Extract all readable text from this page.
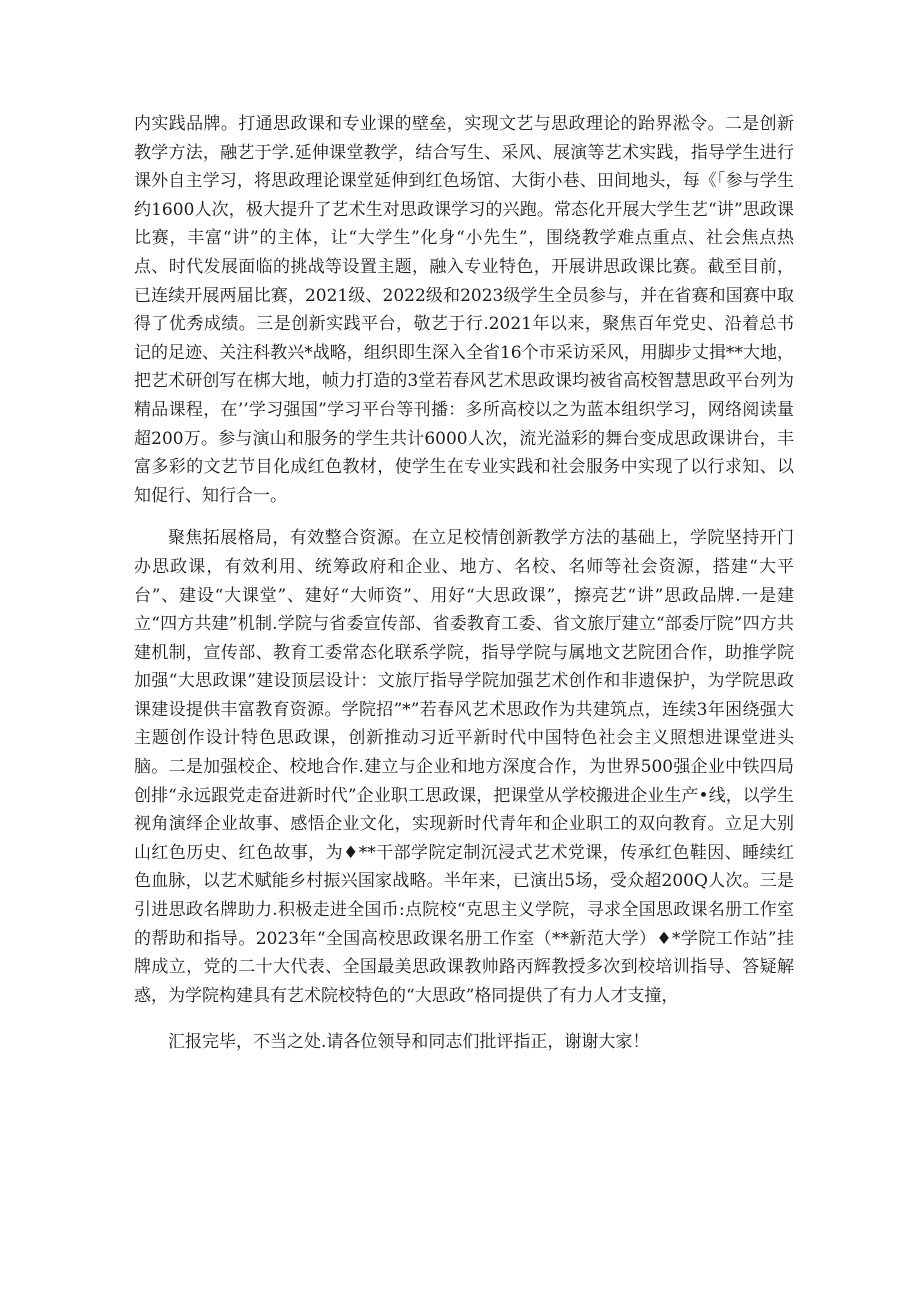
内实践品牌。打通思政课和专业课的壁垒，实现文艺与思政理论的跆界淞令。二是创新教学方法，融艺于学.延伸课堂教学，结合写生、采风、展演等艺术实践，指导学生进行课外自主学习，将思政理论课堂延伸到红色场馆、大街小巷、田间地头，每《「参与学生约1600人次，极大提升了艺术生对思政课学习的兴跑。常态化开展大学生艺“讲”思政课比赛，丰富“讲”的主体，让“大学生”化身“小先生”，围绕教学难点重点、社会焦点热点、时代发展面临的挑战等设置主题，融入专业特色，开展讲思政课比赛。截至目前，已连续开展两届比赛，2021级、2022级和2023级学生全员参与，并在省赛和国赛中取得了优秀成绩。三是创新实践平台，敬艺于行.2021年以来，聚焦百年党史、沿着总书记的足迹、关注科教兴*战略，组织即生深入全省16个市采访采风，用脚步丈揖**大地，把艺术研创写在梆大地，帧力打造的3堂若春风艺术思政课均被省高校智慧思政平台列为精品课程，在’’学习强国”学习平台等刊播：多所高校以之为蓝本组织学习，网络阅读量超200万。参与演山和服务的学生共计6000人次，流光溢彩的舞台变成思政课讲台，丰富多彩的文艺节目化成红色教材，使学生在专业实践和社会服务中实现了以行求知、以知促行、知行合一。

聚焦拓展格局，有效整合资源。在立足校情创新教学方法的基础上，学院坚持开门办思政课，有效利用、统筹政府和企业、地方、名校、名师等社会资源，搭建“大平台”、建设“大课堂”、建好“大师资”、用好“大思政课”，擦亮艺“讲”思政品牌.一是建立“四方共建”机制.学院与省委宣传部、省委教育工委、省文旅厅建立“部委厅院”四方共建机制，宣传部、教育工委常态化联系学院，指导学院与属地文艺院团合作，助推学院加强“大思政课”建设顶层设计：文旅厅指导学院加强艺术创作和非遗保护，为学院思政课建设提供丰富教育资源。学院招”*”若春风艺术思政作为共建筑点，连续3年困绕强大主题创作设计特色思政课，创新推动习近平新时代中国特色社会主义照想进课堂进头脑。二是加强校企、校地合作.建立与企业和地方深度合作，为世界500强企业中铁四局创排“永远跟党走奋进新时代”企业职工思政课，把课堂从学校搬进企业生产•线，以学生视角演绎企业故事、感悟企业文化，实现新时代青年和企业职工的双向教育。立足大别山红色历史、红色故事，为♦**干部学院定制沉浸式艺术党课，传承红色鞋因、睡续红色血脉，以艺术赋能乡村振兴国家战略。半年来，已演出5场，受众超200Q人次。三是引进思政名牌助力.积极走进全国币:点院校“克思主义学院，寻求全国思政课名册工作室的帮助和指导。2023年“全国高校思政课名册工作室（**新范大学）♦*学院工作站”挂牌成立，党的二十大代表、全国最美思政课教帅路丙辉教授多次到校培训指导、答疑解惑，为学院构建具有艺术院校特色的“大思政”格同提供了有力人才支撞，

汇报完毕，不当之处.请各位领导和同志们批评指正，谢谢大家！
